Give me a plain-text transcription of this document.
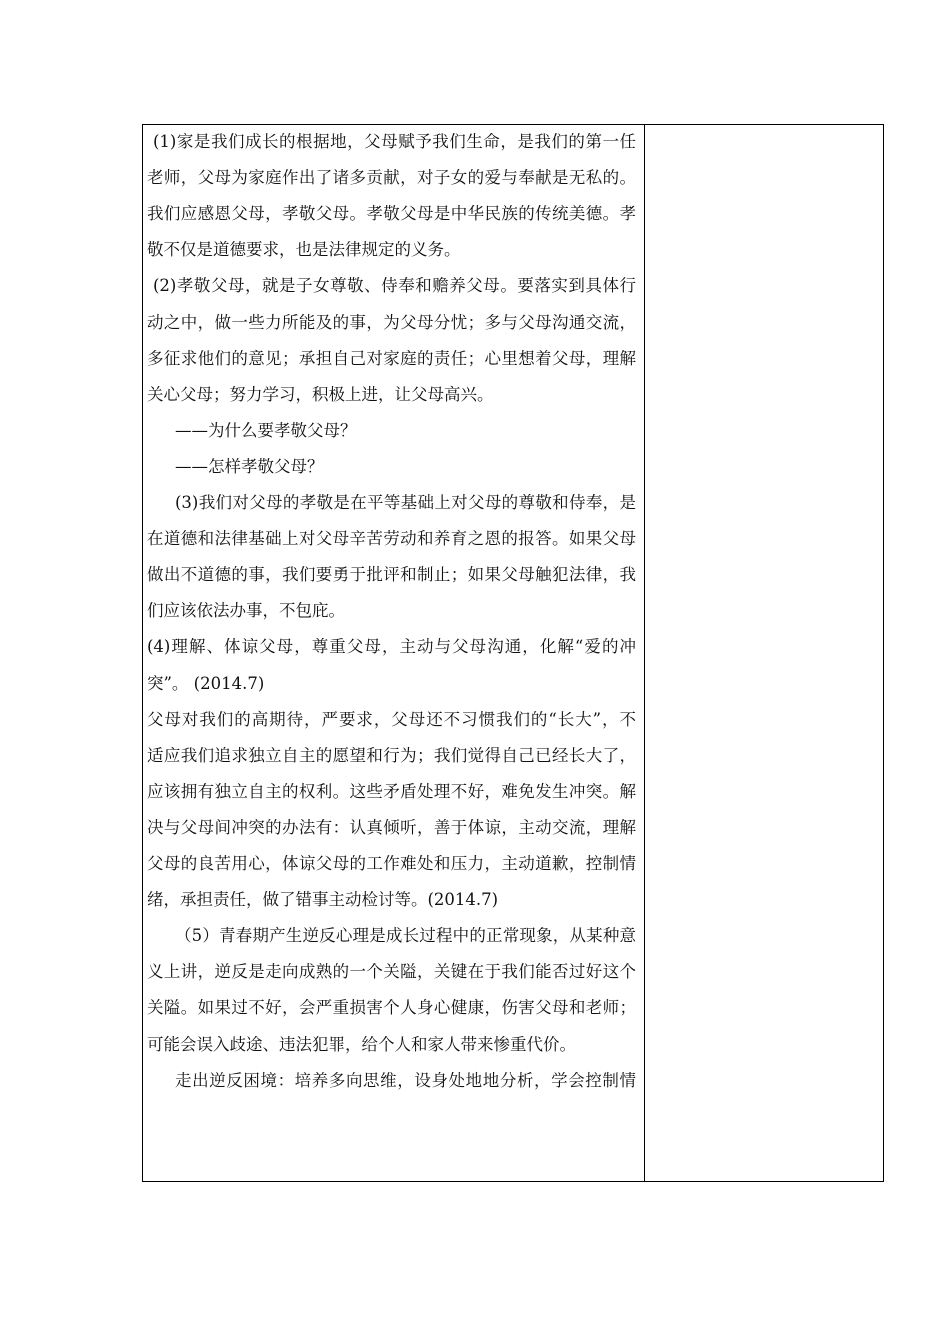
(1)家是我们成长的根据地，父母赋予我们生命，是我们的第一任
老师，父母为家庭作出了诸多贡献，对子女的爱与奉献是无私的。
我们应感恩父母，孝敬父母。孝敬父母是中华民族的传统美德。孝
敬不仅是道德要求，也是法律规定的义务。
(2)孝敬父母，就是子女尊敬、侍奉和赡养父母。要落实到具体行
动之中，做一些力所能及的事，为父母分忧；多与父母沟通交流，
多征求他们的意见；承担自己对家庭的责任；心里想着父母，理解
关心父母；努力学习，积极上进，让父母高兴。
——为什么要孝敬父母？
——怎样孝敬父母？
(3)我们对父母的孝敬是在平等基础上对父母的尊敬和侍奉，是
在道德和法律基础上对父母辛苦劳动和养育之恩的报答。如果父母
做出不道德的事，我们要勇于批评和制止；如果父母触犯法律，我
们应该依法办事，不包庇。
(4)理解、体谅父母，尊重父母，主动与父母沟通，化解“爱的冲
突”。 (2014.7)
父母对我们的高期待，严要求，父母还不习惯我们的“长大”，不
适应我们追求独立自主的愿望和行为；我们觉得自己已经长大了，
应该拥有独立自主的权利。这些矛盾处理不好，难免发生冲突。解
决与父母间冲突的办法有：认真倾听，善于体谅，主动交流，理解
父母的良苦用心，体谅父母的工作难处和压力，主动道歉，控制情
绪，承担责任，做了错事主动检讨等。(2014.7)
（5）青春期产生逆反心理是成长过程中的正常现象，从某种意
义上讲，逆反是走向成熟的一个关隘，关键在于我们能否过好这个
关隘。如果过不好，会严重损害个人身心健康，伤害父母和老师；
可能会误入歧途、违法犯罪，给个人和家人带来惨重代价。
走出逆反困境：培养多向思维，设身处地地分析，学会控制情
